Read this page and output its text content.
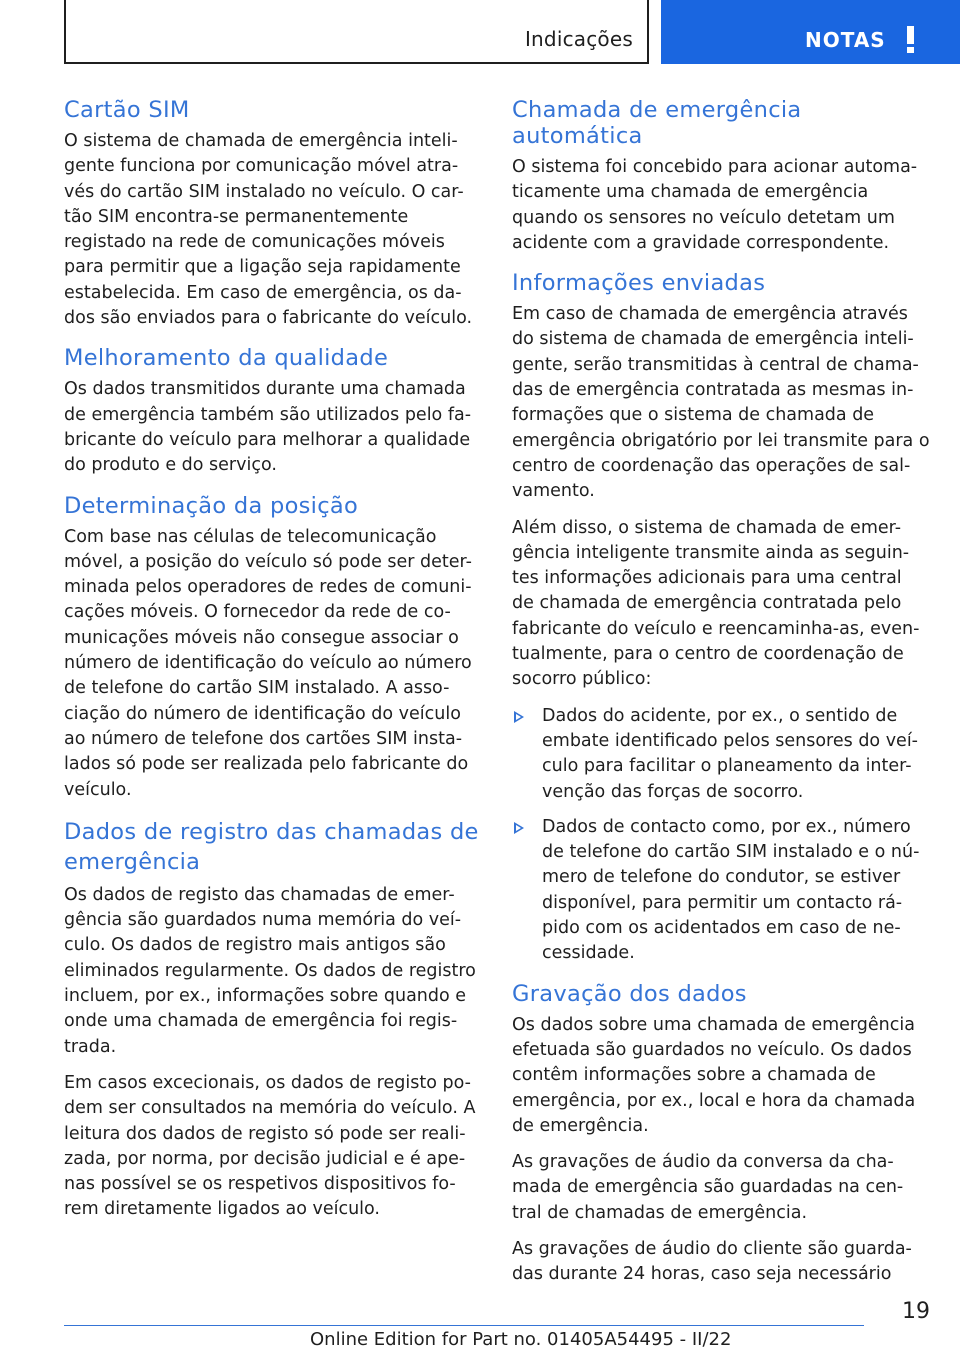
Indicações	NOTAS
Cartão SIM

O sistema de chamada de emergência inteli-
gente funciona por comunicação móvel atra-
vés do cartão SIM instalado no veículo. O car-
tão SIM encontra-se permanentemente
registado na rede de comunicações móveis
para permitir que a ligação seja rapidamente
estabelecida. Em caso de emergência, os da-
dos são enviados para o fabricante do veículo.

Melhoramento da qualidade

Os dados transmitidos durante uma chamada
de emergência também são utilizados pelo fa-
bricante do veículo para melhorar a qualidade
do produto e do serviço.

Determinação da posição

Com base nas células de telecomunicação
móvel, a posição do veículo só pode ser deter-
minada pelos operadores de redes de comuni-
cações móveis. O fornecedor da rede de co-
municações móveis não consegue associar o
número de identificação do veículo ao número
de telefone do cartão SIM instalado. A asso-
ciação do número de identificação do veículo
ao número de telefone dos cartões SIM insta-
lados só pode ser realizada pelo fabricante do
veículo.

Dados de registro das chamadas de
emergência

Os dados de registo das chamadas de emer-
gência são guardados numa memória do veí-
culo. Os dados de registro mais antigos são
eliminados regularmente. Os dados de registro
incluem, por ex., informações sobre quando e
onde uma chamada de emergência foi regis-
trada.

Em casos excecionais, os dados de registo po-
dem ser consultados na memória do veículo. A
leitura dos dados de registo só pode ser reali-
zada, por norma, por decisão judicial e é ape-
nas possível se os respetivos dispositivos fo-
rem diretamente ligados ao veículo.

Chamada de emergência automática

O sistema foi concebido para acionar automa-
ticamente uma chamada de emergência
quando os sensores no veículo detetam um
acidente com a gravidade correspondente.

Informações enviadas

Em caso de chamada de emergência através
do sistema de chamada de emergência inteli-
gente, serão transmitidas à central de chama-
das de emergência contratada as mesmas in-
formações que o sistema de chamada de
emergência obrigatório por lei transmite para o
centro de coordenação das operações de sal-
vamento.

Além disso, o sistema de chamada de emer-
gência inteligente transmite ainda as seguin-
tes informações adicionais para uma central
de chamada de emergência contratada pelo
fabricante do veículo e reencaminha-as, even-
tualmente, para o centro de coordenação de
socorro público:

Dados do acidente, por ex., o sentido de
embate identificado pelos sensores do veí-
culo para facilitar o planeamento da inter-
venção das forças de socorro.

Dados de contacto como, por ex., número
de telefone do cartão SIM instalado e o nú-
mero de telefone do condutor, se estiver
disponível, para permitir um contacto rá-
pido com os acidentados em caso de ne-
cessidade.

Gravação dos dados

Os dados sobre uma chamada de emergência
efetuada são guardados no veículo. Os dados
contêm informações sobre a chamada de
emergência, por ex., local e hora da chamada
de emergência.

As gravações de áudio da conversa da cha-
mada de emergência são guardadas na cen-
tral de chamadas de emergência.

As gravações de áudio do cliente são guarda-
das durante 24 horas, caso seja necessário

19
Online Edition for Part no. 01405A54495 - II/22
